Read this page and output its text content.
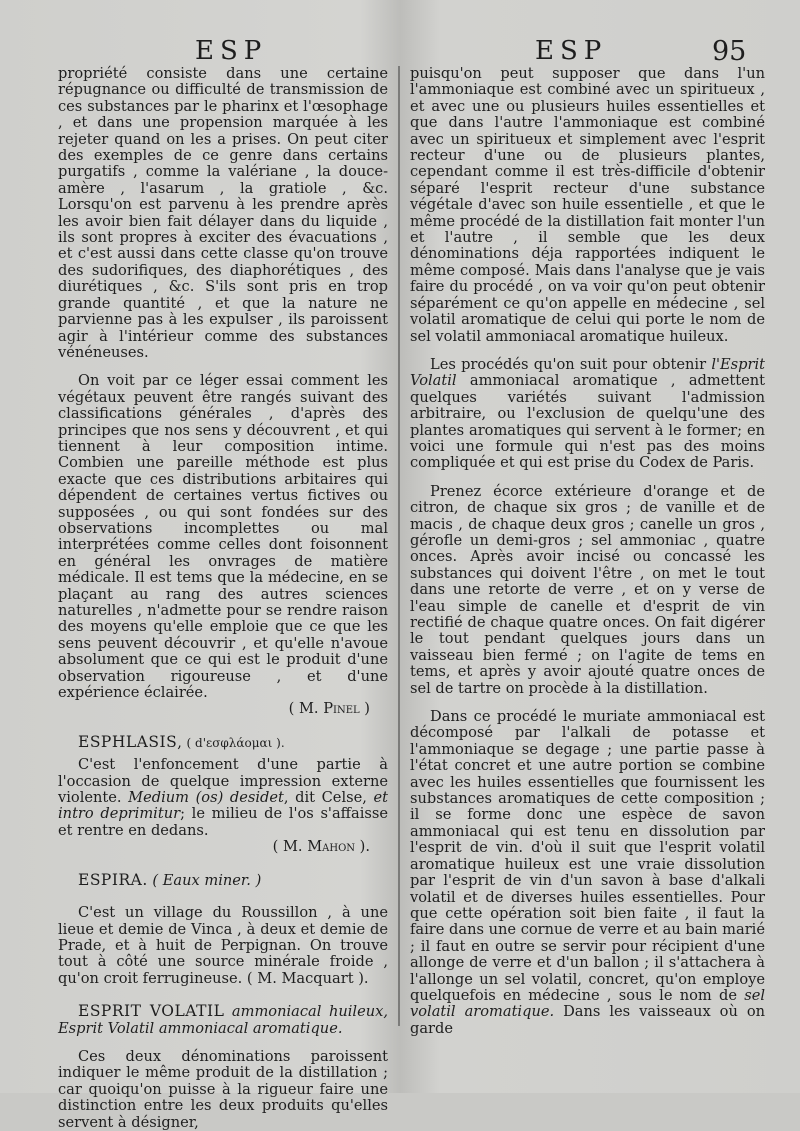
ESP	ESP	95

propriété consiste dans une certaine répugnance ou difficulté de transmission de ces substances par le pharinx et l'œsophage , et dans une propension marquée à les rejeter quand on les a prises. On peut citer des exemples de ce genre dans certains purgatifs , comme la valériane , la douce-amère , l'asarum , la gratiole , &c. Lorsqu'on est parvenu à les prendre après les avoir bien fait délayer dans du liquide , ils sont propres à exciter des évacuations , et c'est aussi dans cette classe qu'on trouve des sudorifiques, des diaphorétiques , des diurétiques , &c. S'ils sont pris en trop grande quantité , et que la nature ne parvienne pas à les expulser , ils paroissent agir à l'intérieur comme des substances vénéneuses.

On voit par ce léger essai comment les végétaux peuvent être rangés suivant des classifications générales , d'après des principes que nos sens y découvrent , et qui tiennent à leur composition intime. Combien une pareille méthode est plus exacte que ces distributions arbitaires qui dépendent de certaines vertus fictives ou supposées , ou qui sont fondées sur des observations incomplettes ou mal interprétées comme celles dont foisonnent en général les onvrages de matière médicale. Il est tems que la médecine, en se plaçant au rang des autres sciences naturelles , n'admette pour se rendre raison des moyens qu'elle emploie que ce que les sens peuvent découvrir , et qu'elle n'avoue absolument que ce qui est le produit d'une observation rigoureuse , et d'une expérience éclairée.

( M. Pinel )

ESPHLASIS, ( d'εσφλάομαι ).

C'est l'enfoncement d'une partie à l'occasion de quelque impression externe violente. Medium (os) desidet, dit Celse, et intro deprimitur; le milieu de l'os s'affaisse et rentre en dedans.

( M. Mahon ).

ESPIRA. ( Eaux miner. )

C'est un village du Roussillon , à une lieue et demie de Vinca , à deux et demie de Prade, et à huit de Perpignan. On trouve tout à côté une source minérale froide , qu'on croit ferrugineuse. ( M. Macquart ).

ESPRIT VOLATIL ammoniacal huileux, Esprit Volatil ammoniacal aromatique.

Ces deux dénominations paroissent indiquer le même produit de la distillation ; car quoiqu'on puisse à la rigueur faire une distinction entre les deux produits qu'elles servent à désigner,

puisqu'on peut supposer que dans l'un l'ammoniaque est combiné avec un spiritueux , et avec une ou plusieurs huiles essentielles et que dans l'autre l'ammoniaque est combiné avec un spiritueux et simplement avec l'esprit recteur d'une ou de plusieurs plantes, cependant comme il est très-difficile d'obtenir séparé l'esprit recteur d'une substance végétale d'avec son huile essentielle , et que le même procédé de la distillation fait monter l'un et l'autre , il semble que les deux dénominations déja rapportées indiquent le même composé. Mais dans l'analyse que je vais faire du procédé , on va voir qu'on peut obtenir séparément ce qu'on appelle en médecine , sel volatil aromatique de celui qui porte le nom de sel volatil ammoniacal aromatique huileux.

Les procédés qu'on suit pour obtenir l'Esprit Volatil ammoniacal aromatique , admettent quelques variétés suivant l'admission arbitraire, ou l'exclusion de quelqu'une des plantes aromatiques qui servent à le former; en voici une formule qui n'est pas des moins compliquée et qui est prise du Codex de Paris.

Prenez écorce extérieure d'orange et de citron, de chaque six gros ; de vanille et de macis , de chaque deux gros ; canelle un gros , gérofle un demi-gros ; sel ammoniac , quatre onces. Après avoir incisé ou concassé les substances qui doivent l'être , on met le tout dans une retorte de verre , et on y verse de l'eau simple de canelle et d'esprit de vin rectifié de chaque quatre onces. On fait digérer le tout pendant quelques jours dans un vaisseau bien fermé ; on l'agite de tems en tems, et après y avoir ajouté quatre onces de sel de tartre on procède à la distillation.

Dans ce procédé le muriate ammoniacal est décomposé par l'alkali de potasse et l'ammoniaque se degage ; une partie passe à l'état concret et une autre portion se combine avec les huiles essentielles que fournissent les substances aromatiques de cette composition ; il se forme donc une espèce de savon ammoniacal qui est tenu en dissolution par l'esprit de vin. d'où il suit que l'esprit volatil aromatique huileux est une vraie dissolution par l'esprit de vin d'un savon à base d'alkali volatil et de diverses huiles essentielles. Pour que cette opération soit bien faite , il faut la faire dans une cornue de verre et au bain marié ; il faut en outre se servir pour récipient d'une allonge de verre et d'un ballon ; il s'attachera à l'allonge un sel volatil, concret, qu'on employe quelquefois en médecine , sous le nom de sel volatil aromatique. Dans les vaisseaux où on garde
